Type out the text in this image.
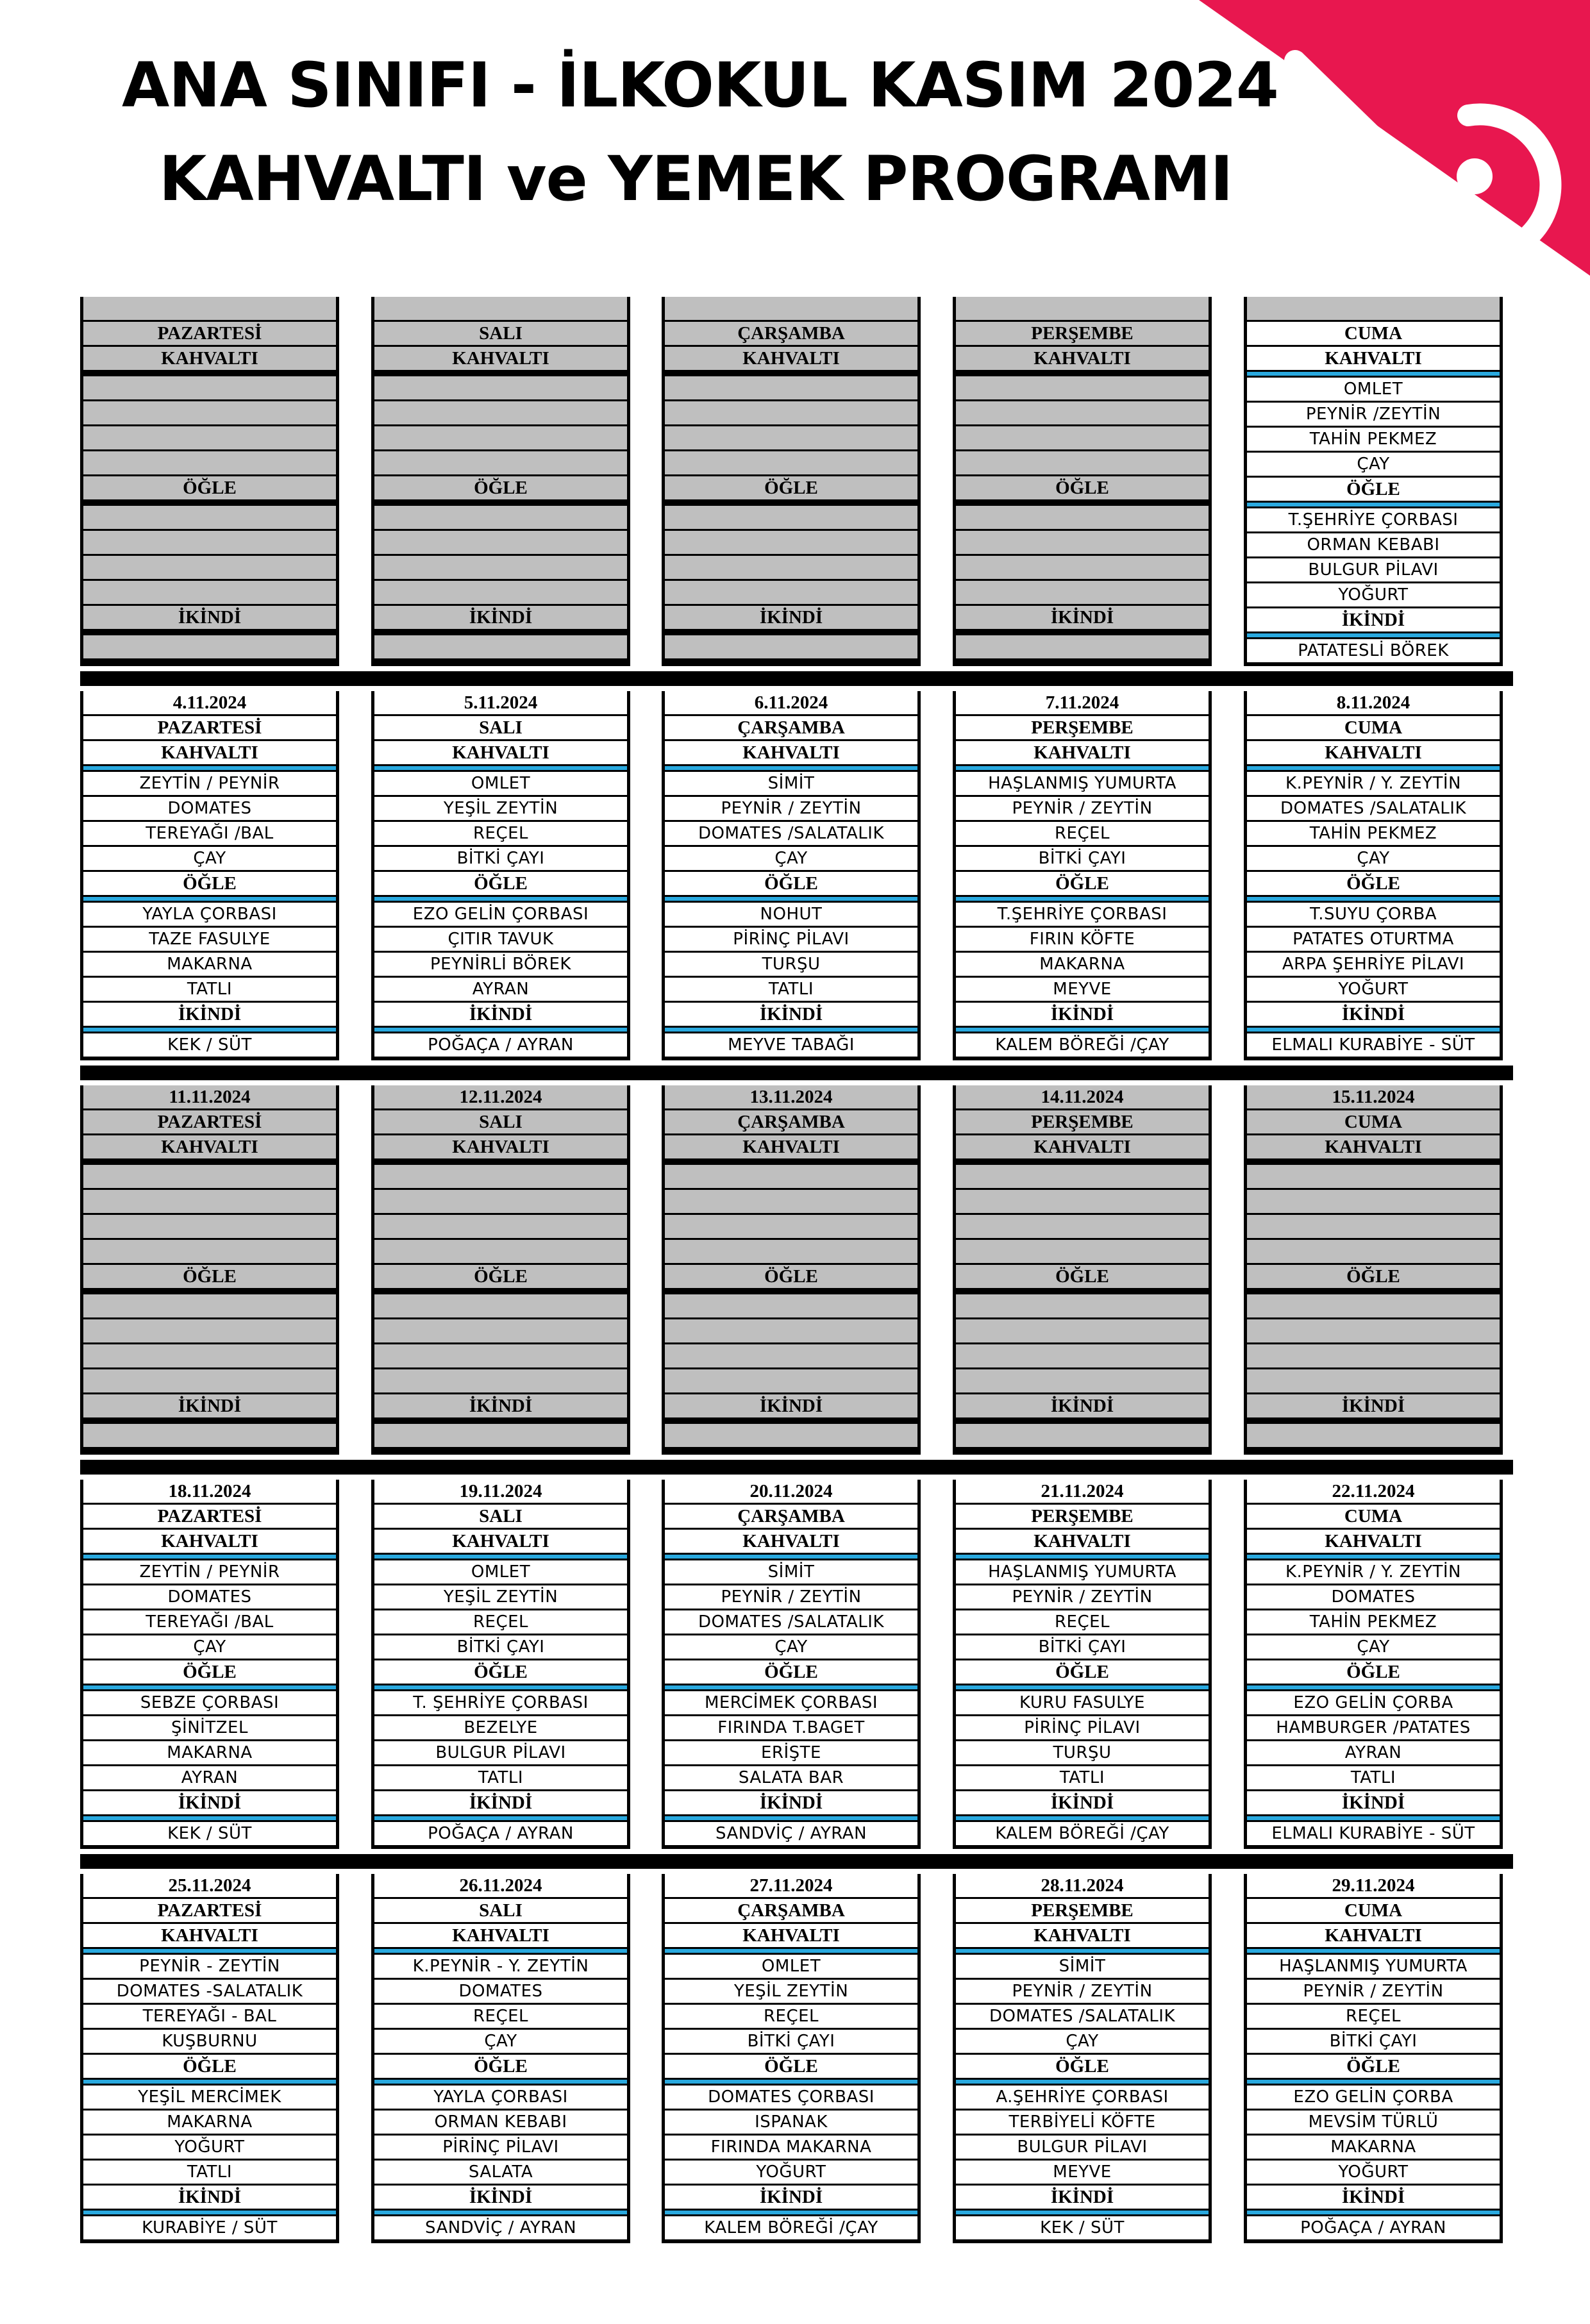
ANA SINIFI - İLKOKUL KASIM 2024
KAHVALTI ve YEMEK PROGRAMI
PAZARTESİ
KAHVALTI
ÖĞLE
İKİNDİ
SALI
KAHVALTI
ÖĞLE
İKİNDİ
ÇARŞAMBA
KAHVALTI
ÖĞLE
İKİNDİ
PERŞEMBE
KAHVALTI
ÖĞLE
İKİNDİ
CUMA
KAHVALTI
OMLET
PEYNİR /ZEYTİN
TAHİN PEKMEZ
ÇAY
ÖĞLE
T.ŞEHRİYE ÇORBASI
ORMAN KEBABI
BULGUR PİLAVI
YOĞURT
İKİNDİ
PATATESLİ BÖREK
4.11.2024
PAZARTESİ
KAHVALTI
ZEYTİN / PEYNİR
DOMATES
TEREYAĞI /BAL
ÇAY
ÖĞLE
YAYLA ÇORBASI
TAZE FASULYE
MAKARNA
TATLI
İKİNDİ
KEK / SÜT
5.11.2024
SALI
KAHVALTI
OMLET
YEŞİL ZEYTİN
REÇEL
BİTKİ ÇAYI
ÖĞLE
EZO GELİN ÇORBASI
ÇITIR TAVUK
PEYNİRLİ BÖREK
AYRAN
İKİNDİ
POĞAÇA / AYRAN
6.11.2024
ÇARŞAMBA
KAHVALTI
SİMİT
PEYNİR / ZEYTİN
DOMATES /SALATALIK
ÇAY
ÖĞLE
NOHUT
PİRİNÇ PİLAVI
TURŞU
TATLI
İKİNDİ
MEYVE TABAĞI
7.11.2024
PERŞEMBE
KAHVALTI
HAŞLANMIŞ YUMURTA
PEYNİR / ZEYTİN
REÇEL
BİTKİ ÇAYI
ÖĞLE
T.ŞEHRİYE ÇORBASI
FIRIN KÖFTE
MAKARNA
MEYVE
İKİNDİ
KALEM BÖREĞİ /ÇAY
8.11.2024
CUMA
KAHVALTI
K.PEYNİR / Y. ZEYTİN
DOMATES /SALATALIK
TAHİN PEKMEZ
ÇAY
ÖĞLE
T.SUYU ÇORBA
PATATES OTURTMA
ARPA ŞEHRİYE PİLAVI
YOĞURT
İKİNDİ
ELMALI KURABİYE - SÜT
11.11.2024
PAZARTESİ
KAHVALTI
ÖĞLE
İKİNDİ
12.11.2024
SALI
KAHVALTI
ÖĞLE
İKİNDİ
13.11.2024
ÇARŞAMBA
KAHVALTI
ÖĞLE
İKİNDİ
14.11.2024
PERŞEMBE
KAHVALTI
ÖĞLE
İKİNDİ
15.11.2024
CUMA
KAHVALTI
ÖĞLE
İKİNDİ
18.11.2024
PAZARTESİ
KAHVALTI
ZEYTİN / PEYNİR
DOMATES
TEREYAĞI /BAL
ÇAY
ÖĞLE
SEBZE ÇORBASI
ŞİNİTZEL
MAKARNA
AYRAN
İKİNDİ
KEK / SÜT
19.11.2024
SALI
KAHVALTI
OMLET
YEŞİL ZEYTİN
REÇEL
BİTKİ ÇAYI
ÖĞLE
T. ŞEHRİYE ÇORBASI
BEZELYE
BULGUR PİLAVI
TATLI
İKİNDİ
POĞAÇA / AYRAN
20.11.2024
ÇARŞAMBA
KAHVALTI
SİMİT
PEYNİR / ZEYTİN
DOMATES /SALATALIK
ÇAY
ÖĞLE
MERCİMEK ÇORBASI
FIRINDA T.BAGET
ERİŞTE
SALATA BAR
İKİNDİ
SANDVİÇ / AYRAN
21.11.2024
PERŞEMBE
KAHVALTI
HAŞLANMIŞ YUMURTA
PEYNİR / ZEYTİN
REÇEL
BİTKİ ÇAYI
ÖĞLE
KURU FASULYE
PİRİNÇ PİLAVI
TURŞU
TATLI
İKİNDİ
KALEM BÖREĞİ /ÇAY
22.11.2024
CUMA
KAHVALTI
K.PEYNİR / Y. ZEYTİN
DOMATES
TAHİN PEKMEZ
ÇAY
ÖĞLE
EZO GELİN ÇORBA
HAMBURGER /PATATES
AYRAN
TATLI
İKİNDİ
ELMALI KURABİYE - SÜT
25.11.2024
PAZARTESİ
KAHVALTI
PEYNİR - ZEYTİN
DOMATES -SALATALIK
TEREYAĞI - BAL
KUŞBURNU
ÖĞLE
YEŞİL MERCİMEK
MAKARNA
YOĞURT
TATLI
İKİNDİ
KURABİYE / SÜT
26.11.2024
SALI
KAHVALTI
K.PEYNİR - Y. ZEYTİN
DOMATES
REÇEL
ÇAY
ÖĞLE
YAYLA ÇORBASI
ORMAN KEBABI
PİRİNÇ PİLAVI
SALATA
İKİNDİ
SANDVİÇ / AYRAN
27.11.2024
ÇARŞAMBA
KAHVALTI
OMLET
YEŞİL ZEYTİN
REÇEL
BİTKİ ÇAYI
ÖĞLE
DOMATES ÇORBASI
ISPANAK
FIRINDA MAKARNA
YOĞURT
İKİNDİ
KALEM BÖREĞİ /ÇAY
28.11.2024
PERŞEMBE
KAHVALTI
SİMİT
PEYNİR / ZEYTİN
DOMATES /SALATALIK
ÇAY
ÖĞLE
A.ŞEHRİYE ÇORBASI
TERBİYELİ KÖFTE
BULGUR PİLAVI
MEYVE
İKİNDİ
KEK / SÜT
29.11.2024
CUMA
KAHVALTI
HAŞLANMIŞ YUMURTA
PEYNİR / ZEYTİN
REÇEL
BİTKİ ÇAYI
ÖĞLE
EZO GELİN ÇORBA
MEVSİM TÜRLÜ
MAKARNA
YOĞURT
İKİNDİ
POĞAÇA / AYRAN
